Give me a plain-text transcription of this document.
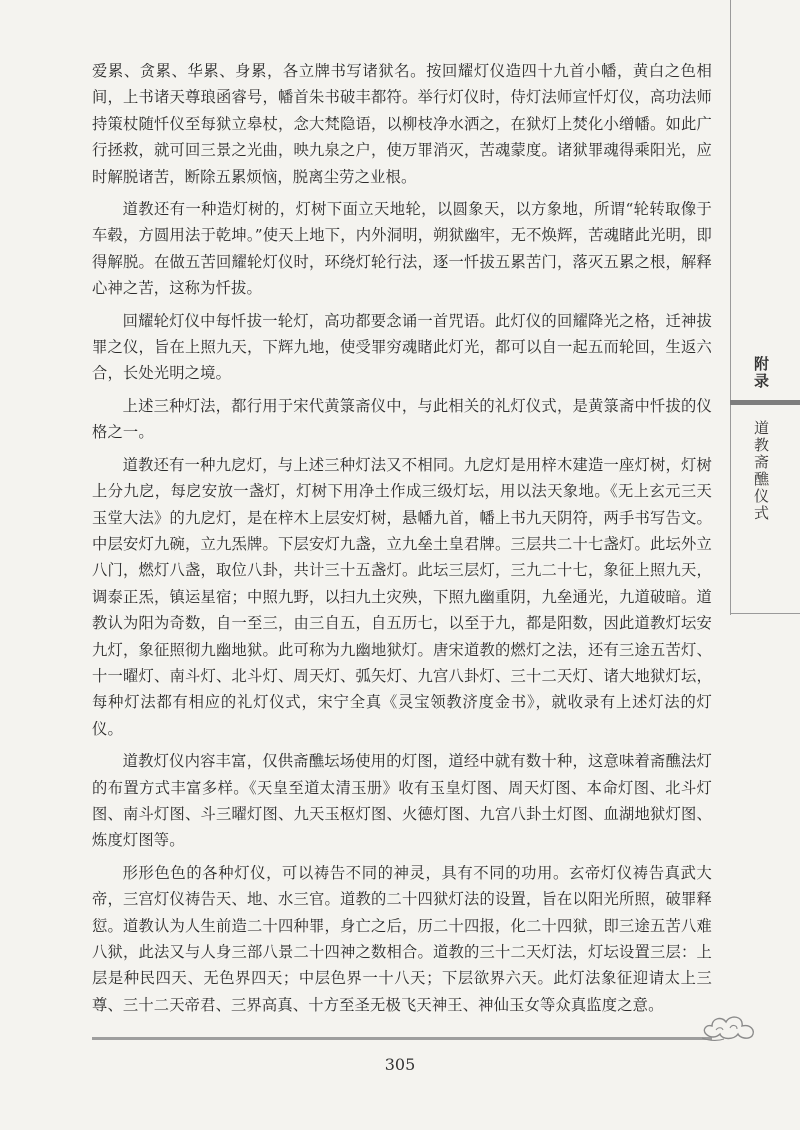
爱累、贪累、华累、身累，各立牌书写诸狱名。按回耀灯仪造四十九首小幡，黄白之色相间，上书诸天尊琅函睿号，幡首朱书破丰都符。举行灯仪时，侍灯法师宣忏灯仪，高功法师持策杖随忏仪至每狱立皋杖，念大梵隐语，以柳枝净水洒之，在狱灯上焚化小缯幡。如此广行拯救，就可回三景之光曲，映九泉之户，使万罪消灭，苦魂蒙度。诸狱罪魂得乘阳光，应时解脱诸苦，断除五累烦恼，脱离尘劳之业根。

道教还有一种造灯树的，灯树下面立天地轮，以圆象天，以方象地，所谓“轮转取像于车毂，方圆用法于乾坤。”使天上地下，内外洞明，朔狱幽牢，无不焕辉，苦魂睹此光明，即得解脱。在做五苦回耀轮灯仪时，环绕灯轮行法，逐一忏拔五累苦门，落灭五累之根，解释心神之苦，这称为忏拔。

回耀轮灯仪中每忏拔一轮灯，高功都要念诵一首咒语。此灯仪的回耀降光之格，迁神拔罪之仪，旨在上照九天，下辉九地，使受罪穷魂睹此灯光，都可以自一起五而轮回，生返六合，长处光明之境。

上述三种灯法，都行用于宋代黄箓斋仪中，与此相关的礼灯仪式，是黄箓斋中忏拔的仪格之一。

道教还有一种九戹灯，与上述三种灯法又不相同。九戹灯是用梓木建造一座灯树，灯树上分九戹，每戹安放一盏灯，灯树下用净土作成三级灯坛，用以法天象地。《无上玄元三天玉堂大法》的九戹灯，是在梓木上层安灯树，悬幡九首，幡上书九天阴符，两手书写告文。中层安灯九碗，立九炁牌。下层安灯九盏，立九垒土皇君牌。三层共二十七盏灯。此坛外立八门，燃灯八盏，取位八卦，共计三十五盏灯。此坛三层灯，三九二十七，象征上照九天，调泰正炁，镇运星宿；中照九野，以扫九土灾殃，下照九幽重阴，九垒通光，九道破暗。道教认为阳为奇数，自一至三，由三自五，自五历七，以至于九，都是阳数，因此道教灯坛安九灯，象征照彻九幽地狱。此可称为九幽地狱灯。唐宋道教的燃灯之法，还有三途五苦灯、十一曜灯、南斗灯、北斗灯、周天灯、弧矢灯、九宫八卦灯、三十二天灯、诸大地狱灯坛，每种灯法都有相应的礼灯仪式，宋宁全真《灵宝领教济度金书》，就收录有上述灯法的灯仪。

道教灯仪内容丰富，仅供斋醮坛场使用的灯图，道经中就有数十种，这意味着斋醮法灯的布置方式丰富多样。《天皇至道太清玉册》收有玉皇灯图、周天灯图、本命灯图、北斗灯图、南斗灯图、斗三曜灯图、九天玉枢灯图、火德灯图、九宫八卦土灯图、血湖地狱灯图、炼度灯图等。

形形色色的各种灯仪，可以祷告不同的神灵，具有不同的功用。玄帝灯仪祷告真武大帝，三宫灯仪祷告天、地、水三官。道教的二十四狱灯法的设置，旨在以阳光所照，破罪释愆。道教认为人生前造二十四种罪，身亡之后，历二十四报，化二十四狱，即三途五苦八难八狱，此法又与人身三部八景二十四神之数相合。道教的三十二天灯法，灯坛设置三层：上层是种民四天、无色界四天；中层色界一十八天；下层欲界六天。此灯法象征迎请太上三尊、三十二天帝君、三界高真、十方至圣无极飞天神王、神仙玉女等众真监度之意。

附录
道教斋醮仪式
305
